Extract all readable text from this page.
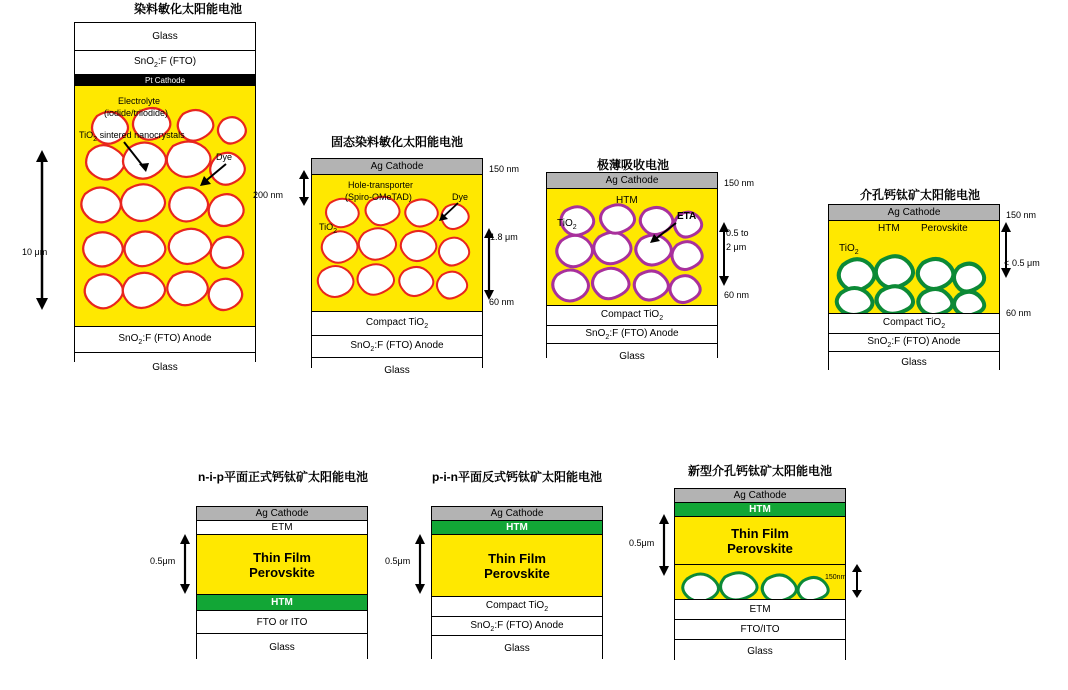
染料敏化太阳能电池
Glass
SnO$_2$:F (FTO)
Pt Cathode
SnO$_2$:F (FTO) Anode
Glass
Electrolyte
(iodide/triiodide)
TiO$_2$ sintered nanocrystals
Dye
10 μm
固态染料敏化太阳能电池
Ag Cathode
Compact TiO$_2$
SnO$_2$:F (FTO) Anode
Glass
Hole-transporter
(Spiro-OMeTAD)	Dye
TiO$_2$
150 nm
60 nm
1.8 μm
200 nm
极薄吸收电池
Ag Cathode
Compact TiO$_2$
SnO$_2$:F (FTO) Anode
Glass
HTM
TiO$_2$
ETA
150 nm
60 nm
0.5 to
2 μm
介孔钙钛矿太阳能电池
Ag Cathode
Compact TiO$_2$
SnO$_2$:F (FTO) Anode
Glass
HTM Perovskite
TiO$_2$
150 nm
60 nm
< 0.5 μm
n-i-p平面正式钙钛矿太阳能电池
Ag Cathode
ETM
Thin Film
Perovskite
HTM
FTO or ITO
Glass
0.5μm
p-i-n平面反式钙钛矿太阳能电池
Ag Cathode
HTM
Thin Film
Perovskite
Compact TiO$_2$
SnO$_2$:F (FTO) Anode
Glass
0.5μm
新型介孔钙钛矿太阳能电池
Ag Cathode
HTM
Thin Film
Perovskite
ETM
FTO/ITO
Glass
0.5μm
150nm
